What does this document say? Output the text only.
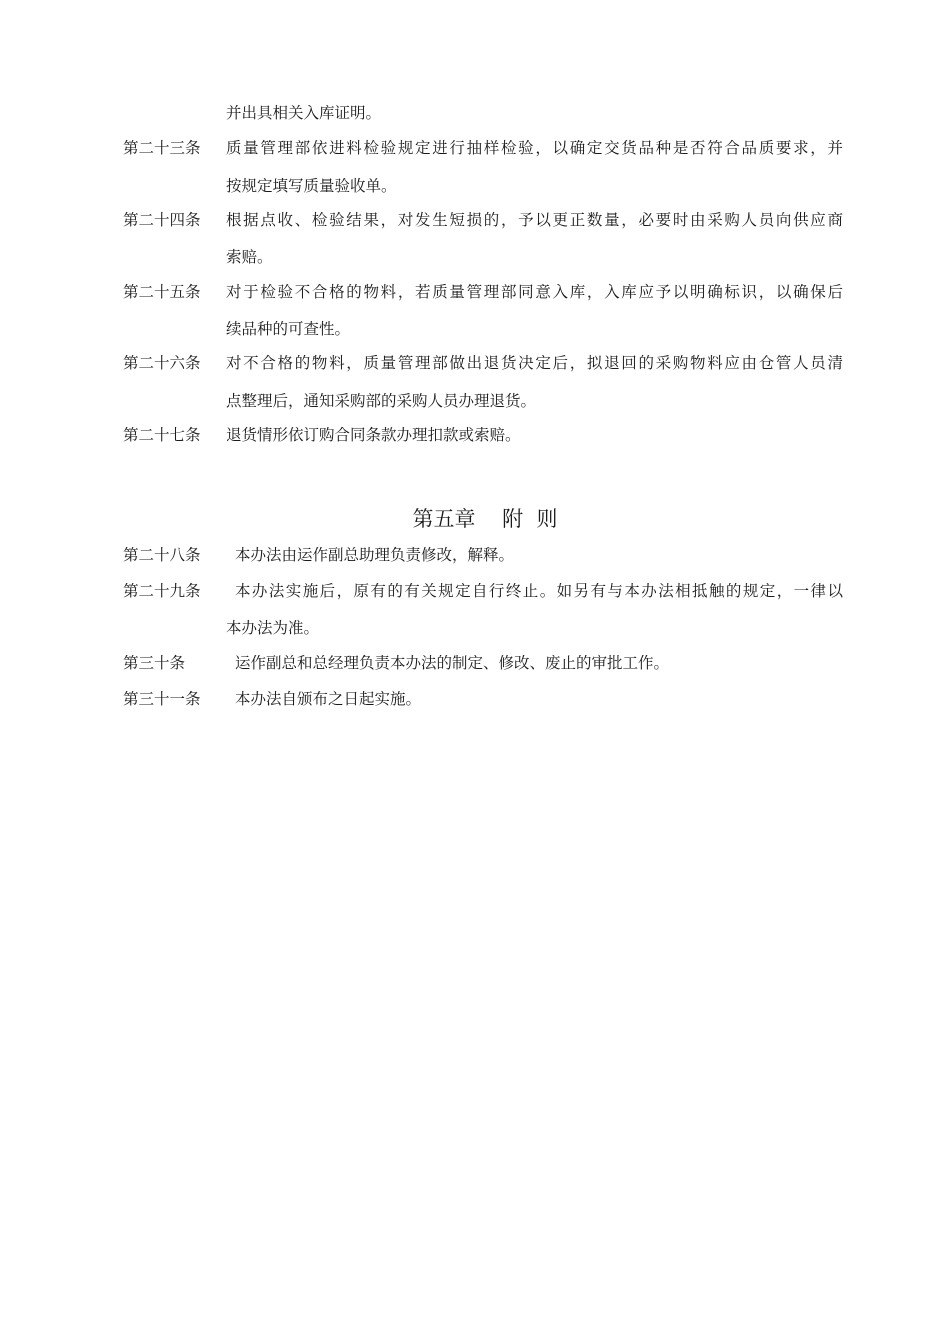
并出具相关入库证明。
第二十三条 质量管理部依进料检验规定进行抽样检验，以确定交货品种是否符合品质要求，并
按规定填写质量验收单。
第二十四条 根据点收、检验结果，对发生短损的，予以更正数量，必要时由采购人员向供应商
索赔。
第二十五条 对于检验不合格的物料，若质量管理部同意入库，入库应予以明确标识，以确保后
续品种的可查性。
第二十六条 对不合格的物料，质量管理部做出退货决定后，拟退回的采购物料应由仓管人员清
点整理后，通知采购部的采购人员办理退货。
第二十七条 退货情形依订购合同条款办理扣款或索赔。
第五章    附  则
第二十八条 本办法由运作副总助理负责修改，解释。
第二十九条 本办法实施后，原有的有关规定自行终止。如另有与本办法相抵触的规定，一律以
本办法为准。
第三十条	运作副总和总经理负责本办法的制定、修改、废止的审批工作。
第三十一条 本办法自颁布之日起实施。
